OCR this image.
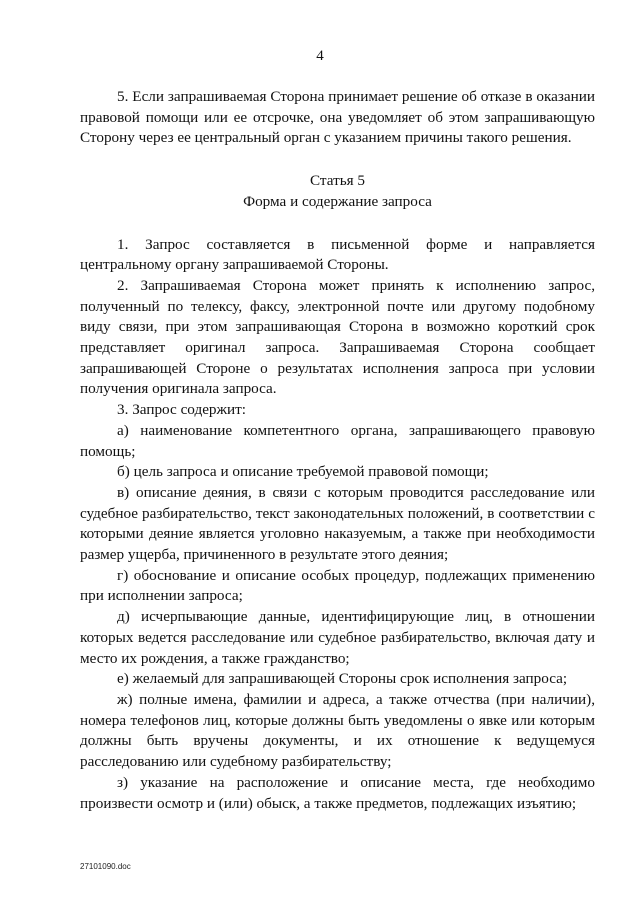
4

5. Если запрашиваемая Сторона принимает решение об отказе в оказании правовой помощи или ее отсрочке, она уведомляет об этом запрашивающую Сторону через ее центральный орган с указанием причины такого решения.

Статья 5

Форма и содержание запроса

1. Запрос составляется в письменной форме и направляется центральному органу запрашиваемой Стороны.

2. Запрашиваемая Сторона может принять к исполнению запрос, полученный по телексу, факсу, электронной почте или другому подобному виду связи, при этом запрашивающая Сторона в возможно короткий срок представляет оригинал запроса. Запрашиваемая Сторона сообщает запрашивающей Стороне о результатах исполнения запроса при условии получения оригинала запроса.

3. Запрос содержит:

а) наименование компетентного органа, запрашивающего правовую помощь;

б) цель запроса и описание требуемой правовой помощи;

в) описание деяния, в связи с которым проводится расследование или судебное разбирательство, текст законодательных положений, в соответствии с которыми деяние является уголовно наказуемым, а также при необходимости размер ущерба, причиненного в результате этого деяния;

г) обоснование и описание особых процедур, подлежащих применению при исполнении запроса;

д) исчерпывающие данные, идентифицирующие лиц, в отношении которых ведется расследование или судебное разбирательство, включая дату и место их рождения, а также гражданство;

е) желаемый для запрашивающей Стороны срок исполнения запроса;

ж) полные имена, фамилии и адреса, а также отчества (при наличии), номера телефонов лиц, которые должны быть уведомлены о явке или которым должны быть вручены документы, и их отношение к ведущемуся расследованию или судебному разбирательству;

з) указание на расположение и описание места, где необходимо произвести осмотр и (или) обыск, а также предметов, подлежащих изъятию;

27101090.doc
